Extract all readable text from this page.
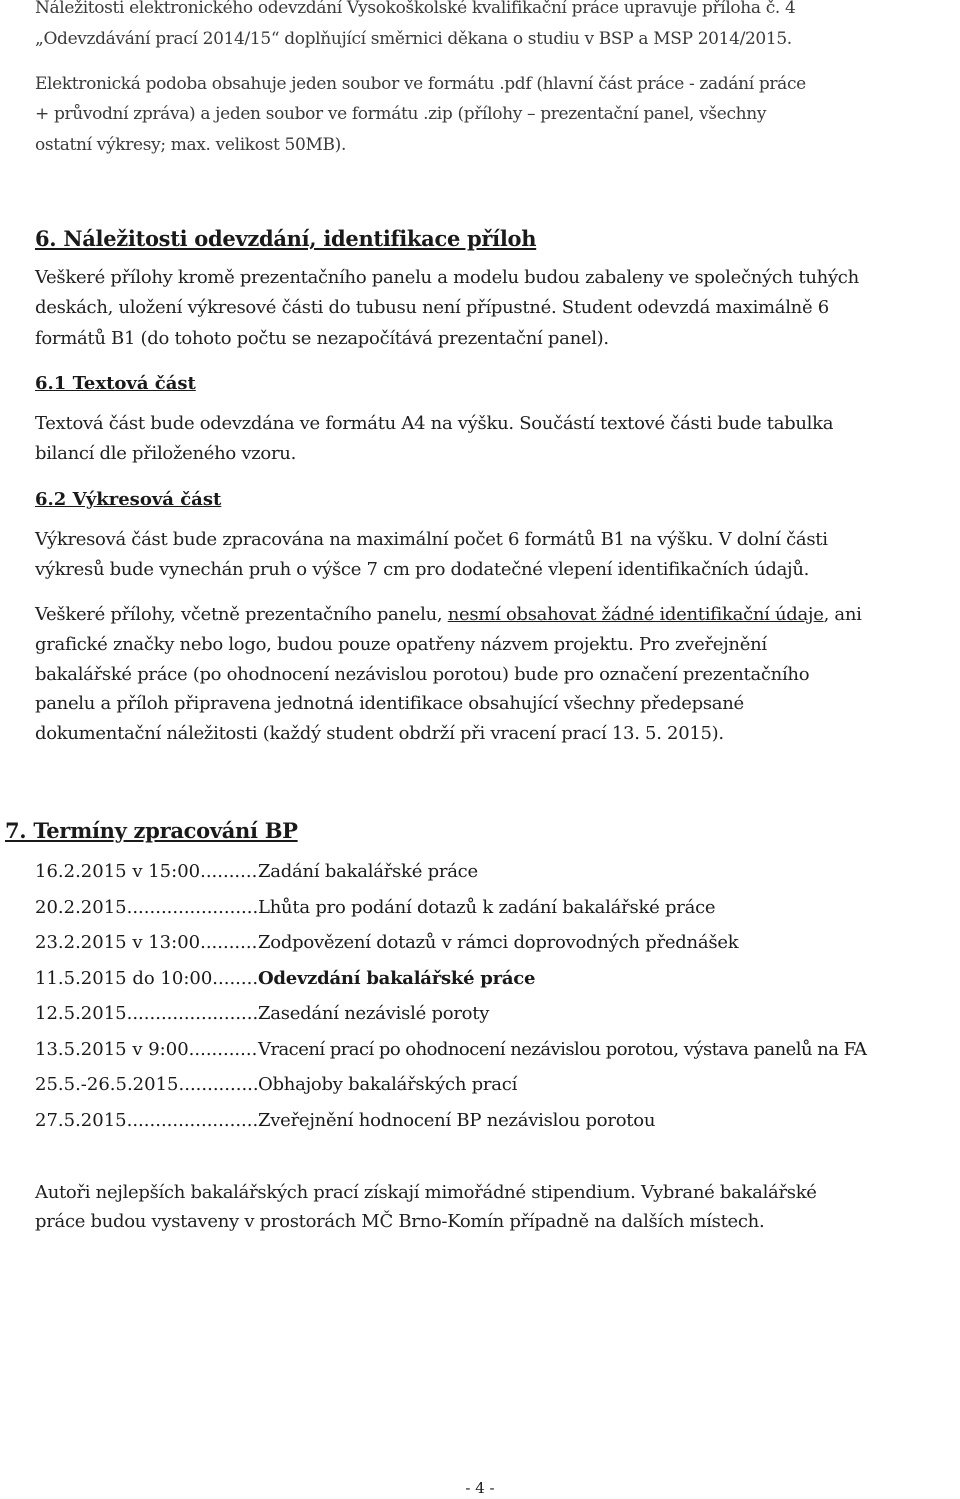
Náležitosti elektronického odevzdání Vysokoškolské kvalifikační práce upravuje příloha č. 4

„Odevzdávání prací 2014/15“ doplňující směrnici děkana o studiu v BSP a MSP 2014/2015.

Elektronická podoba obsahuje jeden soubor ve formátu .pdf (hlavní část práce - zadání práce

+ průvodní zpráva) a jeden soubor ve formátu .zip (přílohy – prezentační panel, všechny

ostatní výkresy; max. velikost 50MB).

6. Náležitosti odevzdání, identifikace příloh

Veškeré přílohy kromě prezentačního panelu a modelu budou zabaleny ve společných tuhých

deskách, uložení výkresové části do tubusu není přípustné. Student odevzdá maximálně 6

formátů B1 (do tohoto počtu se nezapočítává prezentační panel).

6.1 Textová část

Textová část bude odevzdána ve formátu A4 na výšku. Součástí textové části bude tabulka

bilancí dle přiloženého vzoru.

6.2 Výkresová část

Výkresová část bude zpracována na maximální počet 6 formátů B1 na výšku. V dolní části

výkresů bude vynechán pruh o výšce 7 cm pro dodatečné vlepení identifikačních údajů.

Veškeré přílohy, včetně prezentačního panelu, nesmí obsahovat žádné identifikační údaje, ani

grafické značky nebo logo, budou pouze opatřeny názvem projektu. Pro zveřejnění

bakalářské práce (po ohodnocení nezávislou porotou) bude pro označení prezentačního

panelu a příloh připravena jednotná identifikace obsahující všechny předepsané

dokumentační náležitosti (každý student obdrží při vracení prací 13. 5. 2015).

7. Termíny zpracování BP
16.2.2015 v 15:00 .....	Zadání bakalářské práce
20.2.2015 .....	Lhůta pro podání dotazů k zadání bakalářské práce
23.2.2015 v 13:00 .....	Zodpovězení dotazů v rámci doprovodných přednášek
11.5.2015 do 10:00 .....	Odevzdání bakalářské práce
12.5.2015 .....	Zasedání nezávislé poroty
13.5.2015 v 9:00 .....	Vracení prací po ohodnocení nezávislou porotou, výstava panelů na FA
25.5.-26.5.2015 .....	Obhajoby bakalářských prací
27.5.2015 .....	Zveřejnění hodnocení BP nezávislou porotou

Autoři nejlepších bakalářských prací získají mimořádné stipendium. Vybrané bakalářské

práce budou vystaveny v prostorách MČ Brno-Komín případně na dalších místech.

- 4 -
